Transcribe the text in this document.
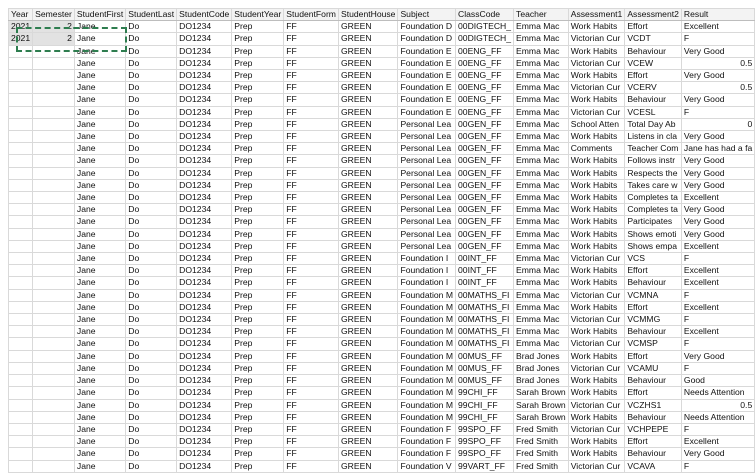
Year	Semester	StudentFirst	StudentLast	StudentCode	StudentYear	StudentForm	StudentHouse	Subject	ClassCode	Teacher	Assessment1	Assessment2	Result
2021	2	Jane	Do	DO1234	Prep	FF	GREEN	Foundation D	00DIGTECH_	Emma Mac	Work Habits	Effort	Excellent
2021	2	Jane	Do	DO1234	Prep	FF	GREEN	Foundation D	00DIGTECH_	Emma Mac	Victorian Cur	VCDT	F
		Jane	Do	DO1234	Prep	FF	GREEN	Foundation E	00ENG_FF	Emma Mac	Work Habits	Behaviour	Very Good
		Jane	Do	DO1234	Prep	FF	GREEN	Foundation E	00ENG_FF	Emma Mac	Victorian Cur	VCEW	0.5
		Jane	Do	DO1234	Prep	FF	GREEN	Foundation E	00ENG_FF	Emma Mac	Work Habits	Effort	Very Good
		Jane	Do	DO1234	Prep	FF	GREEN	Foundation E	00ENG_FF	Emma Mac	Victorian Cur	VCERV	0.5
		Jane	Do	DO1234	Prep	FF	GREEN	Foundation E	00ENG_FF	Emma Mac	Work Habits	Behaviour	Very Good
		Jane	Do	DO1234	Prep	FF	GREEN	Foundation E	00ENG_FF	Emma Mac	Victorian Cur	VCESL	F
		Jane	Do	DO1234	Prep	FF	GREEN	Personal Lea	00GEN_FF	Emma Mac	School Atten	Total Day Ab	0
		Jane	Do	DO1234	Prep	FF	GREEN	Personal Lea	00GEN_FF	Emma Mac	Work Habits	Listens in cla	Very Good
		Jane	Do	DO1234	Prep	FF	GREEN	Personal Lea	00GEN_FF	Emma Mac	Comments	Teacher Com	Jane has had a fa
		Jane	Do	DO1234	Prep	FF	GREEN	Personal Lea	00GEN_FF	Emma Mac	Work Habits	Follows instr	Very Good
		Jane	Do	DO1234	Prep	FF	GREEN	Personal Lea	00GEN_FF	Emma Mac	Work Habits	Respects the	Very Good
		Jane	Do	DO1234	Prep	FF	GREEN	Personal Lea	00GEN_FF	Emma Mac	Work Habits	Takes care w	Very Good
		Jane	Do	DO1234	Prep	FF	GREEN	Personal Lea	00GEN_FF	Emma Mac	Work Habits	Completes ta	Excellent
		Jane	Do	DO1234	Prep	FF	GREEN	Personal Lea	00GEN_FF	Emma Mac	Work Habits	Completes ta	Very Good
		Jane	Do	DO1234	Prep	FF	GREEN	Personal Lea	00GEN_FF	Emma Mac	Work Habits	Participates	Very Good
		Jane	Do	DO1234	Prep	FF	GREEN	Personal Lea	00GEN_FF	Emma Mac	Work Habits	Shows emoti	Very Good
		Jane	Do	DO1234	Prep	FF	GREEN	Personal Lea	00GEN_FF	Emma Mac	Work Habits	Shows empa	Excellent
		Jane	Do	DO1234	Prep	FF	GREEN	Foundation I	00INT_FF	Emma Mac	Victorian Cur	VCS	F
		Jane	Do	DO1234	Prep	FF	GREEN	Foundation I	00INT_FF	Emma Mac	Work Habits	Effort	Excellent
		Jane	Do	DO1234	Prep	FF	GREEN	Foundation I	00INT_FF	Emma Mac	Work Habits	Behaviour	Excellent
		Jane	Do	DO1234	Prep	FF	GREEN	Foundation M	00MATHS_FI	Emma Mac	Victorian Cur	VCMNA	F
		Jane	Do	DO1234	Prep	FF	GREEN	Foundation M	00MATHS_FI	Emma Mac	Work Habits	Effort	Excellent
		Jane	Do	DO1234	Prep	FF	GREEN	Foundation M	00MATHS_FI	Emma Mac	Victorian Cur	VCMMG	F
		Jane	Do	DO1234	Prep	FF	GREEN	Foundation M	00MATHS_FI	Emma Mac	Work Habits	Behaviour	Excellent
		Jane	Do	DO1234	Prep	FF	GREEN	Foundation M	00MATHS_FI	Emma Mac	Victorian Cur	VCMSP	F
		Jane	Do	DO1234	Prep	FF	GREEN	Foundation M	00MUS_FF	Brad Jones	Work Habits	Effort	Very Good
		Jane	Do	DO1234	Prep	FF	GREEN	Foundation M	00MUS_FF	Brad Jones	Victorian Cur	VCAMU	F
		Jane	Do	DO1234	Prep	FF	GREEN	Foundation M	00MUS_FF	Brad Jones	Work Habits	Behaviour	Good
		Jane	Do	DO1234	Prep	FF	GREEN	Foundation M	99CHI_FF	Sarah Brown	Work Habits	Effort	Needs Attention
		Jane	Do	DO1234	Prep	FF	GREEN	Foundation M	99CHI_FF	Sarah Brown	Victorian Cur	VCZHS1	0.5
		Jane	Do	DO1234	Prep	FF	GREEN	Foundation M	99CHI_FF	Sarah Brown	Work Habits	Behaviour	Needs Attention
		Jane	Do	DO1234	Prep	FF	GREEN	Foundation F	99SPO_FF	Fred Smith	Victorian Cur	VCHPEPE	F
		Jane	Do	DO1234	Prep	FF	GREEN	Foundation F	99SPO_FF	Fred Smith	Work Habits	Effort	Excellent
		Jane	Do	DO1234	Prep	FF	GREEN	Foundation F	99SPO_FF	Fred Smith	Work Habits	Behaviour	Very Good
		Jane	Do	DO1234	Prep	FF	GREEN	Foundation V	99VART_FF	Fred Smith	Victorian Cur	VCAVA	F
